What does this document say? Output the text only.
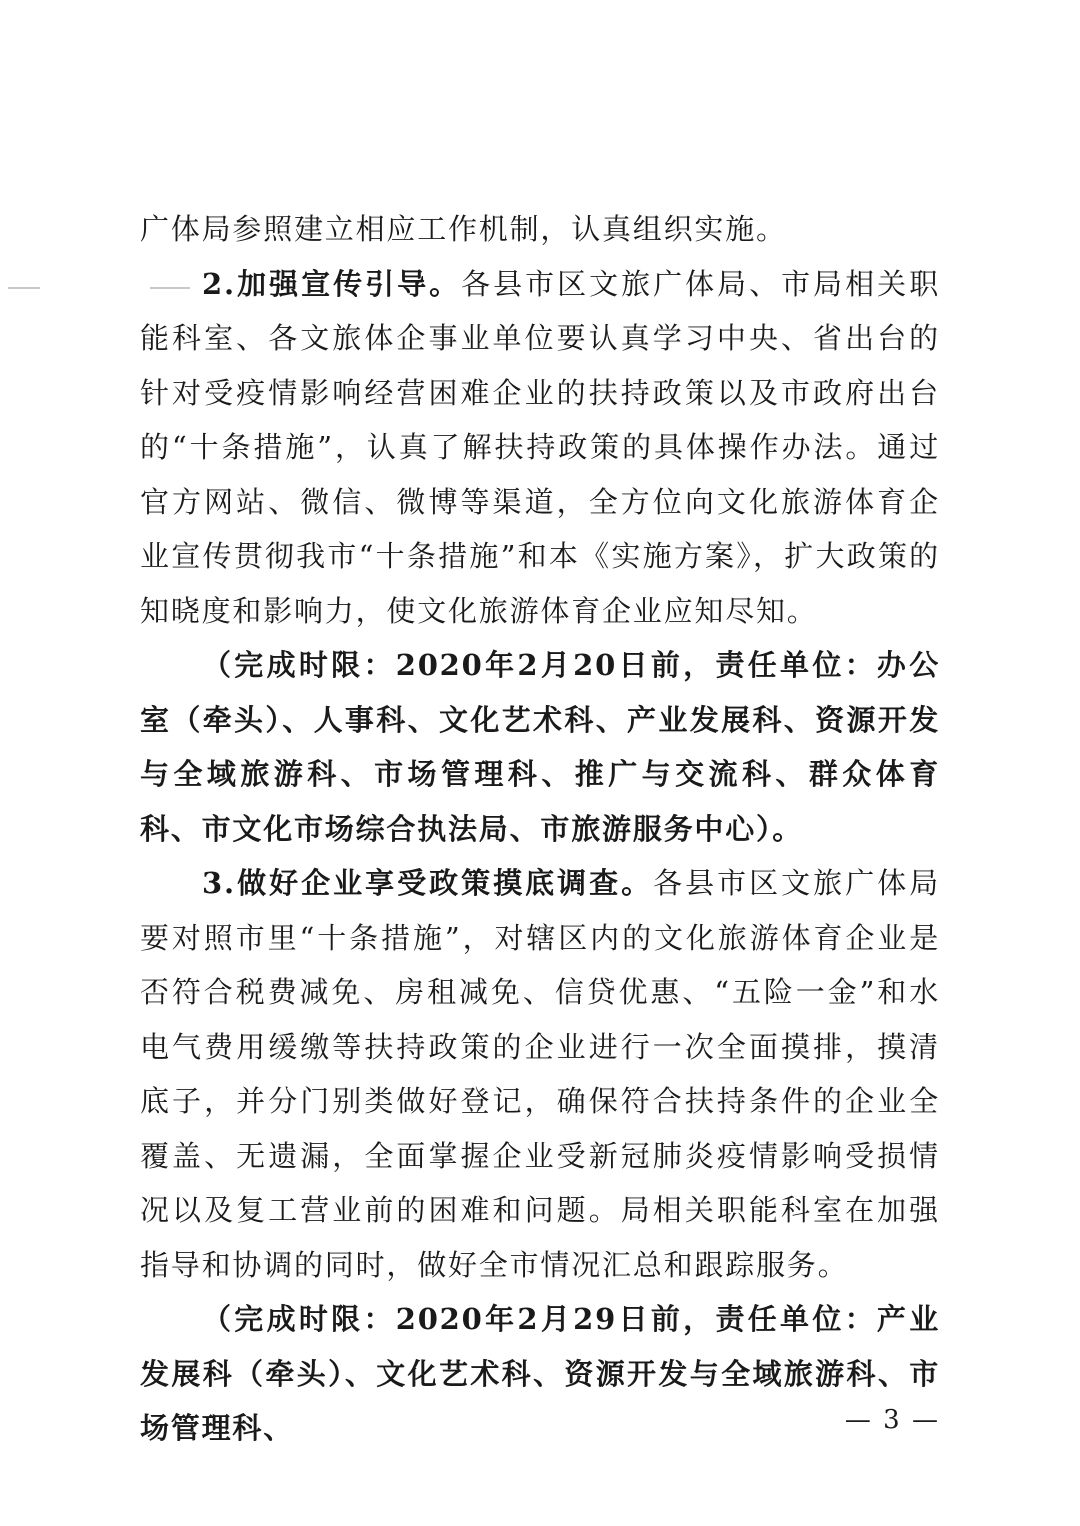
广体局参照建立相应工作机制，认真组织实施。

2.加强宣传引导。各县市区文旅广体局、市局相关职能科室、各文旅体企事业单位要认真学习中央、省出台的针对受疫情影响经营困难企业的扶持政策以及市政府出台的“十条措施”，认真了解扶持政策的具体操作办法。通过官方网站、微信、微博等渠道，全方位向文化旅游体育企业宣传贯彻我市“十条措施”和本《实施方案》，扩大政策的知晓度和影响力，使文化旅游体育企业应知尽知。

（完成时限：2020年2月20日前，责任单位：办公室（牵头）、人事科、文化艺术科、产业发展科、资源开发与全域旅游科、市场管理科、推广与交流科、群众体育科、市文化市场综合执法局、市旅游服务中心）。

3.做好企业享受政策摸底调查。各县市区文旅广体局要对照市里“十条措施”，对辖区内的文化旅游体育企业是否符合税费减免、房租减免、信贷优惠、“五险一金”和水电气费用缓缴等扶持政策的企业进行一次全面摸排，摸清底子，并分门别类做好登记，确保符合扶持条件的企业全覆盖、无遗漏，全面掌握企业受新冠肺炎疫情影响受损情况以及复工营业前的困难和问题。局相关职能科室在加强指导和协调的同时，做好全市情况汇总和跟踪服务。

（完成时限：2020年2月29日前，责任单位：产业发展科（牵头）、文化艺术科、资源开发与全域旅游科、市场管理科、	— 3 —
